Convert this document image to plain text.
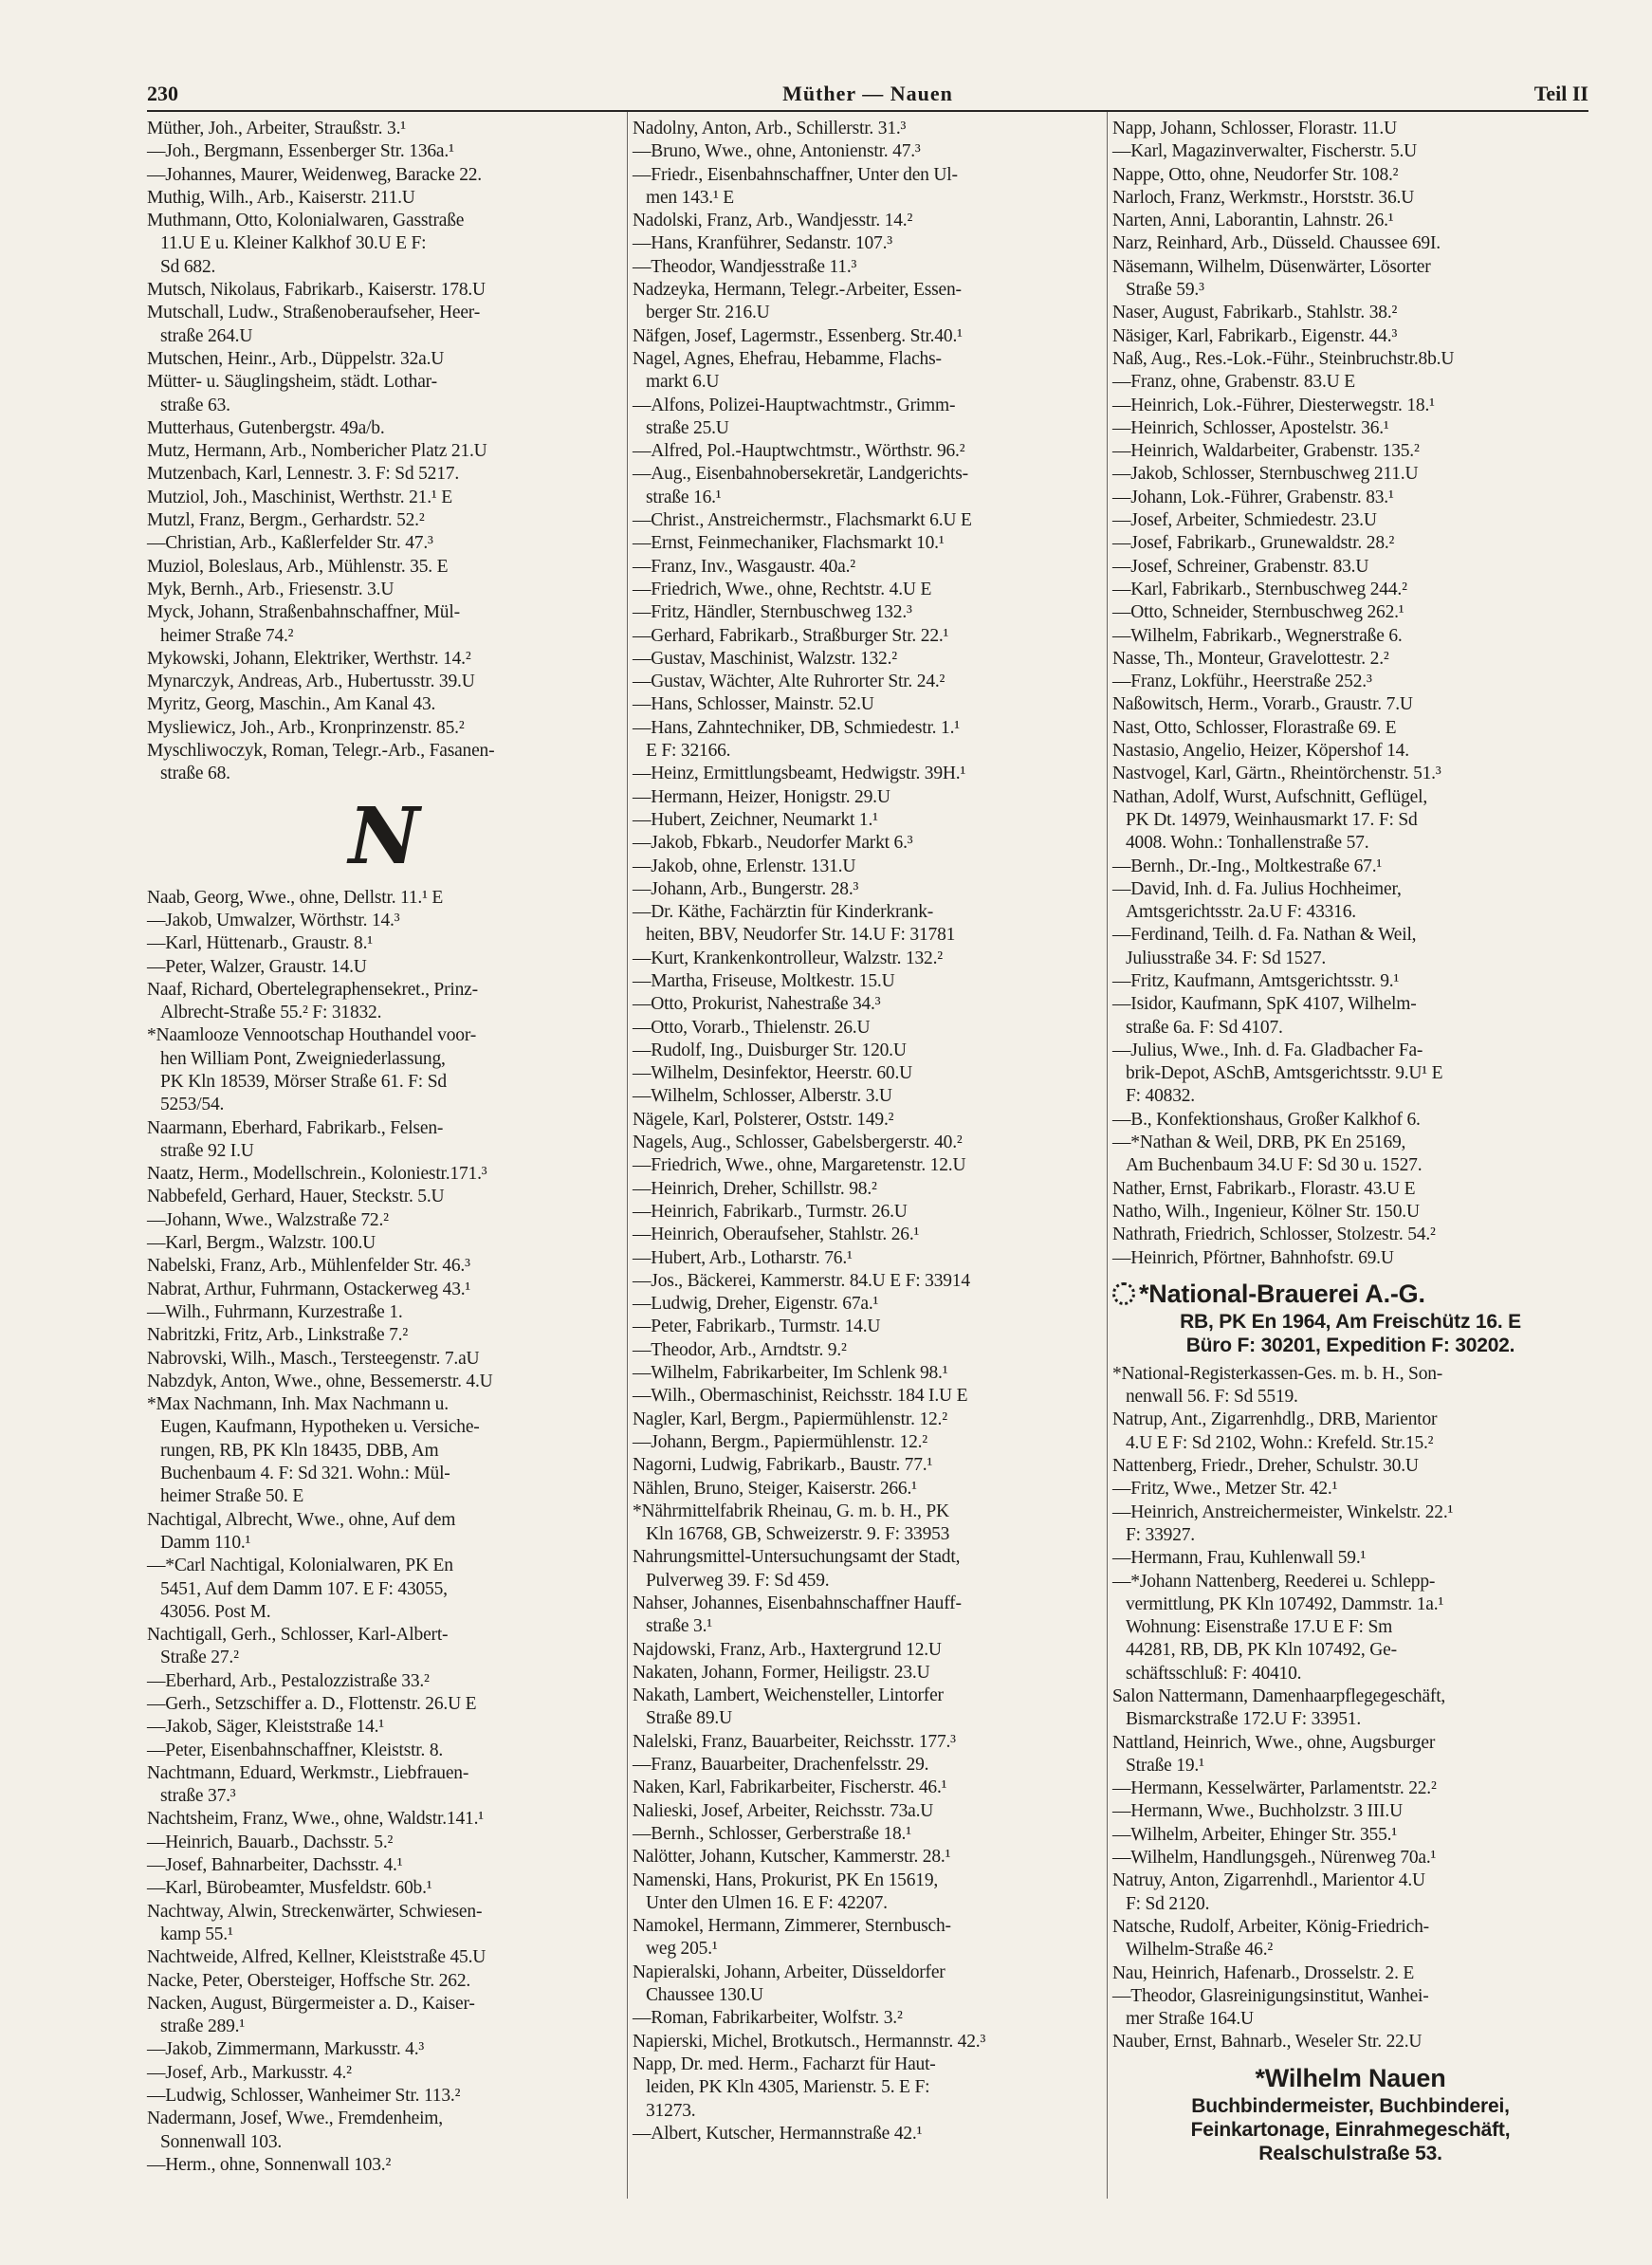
230	Müther — Nauen	Teil II
Müther, Joh., Arbeiter, Straußstr. 3.¹
—Joh., Bergmann, Essenberger Str. 136a.¹
—Johannes, Maurer, Weidenweg, Baracke 22.
Muthig, Wilh., Arb., Kaiserstr. 211.U
Muthmann, Otto, Kolonialwaren, Gasstraße
11.U E u. Kleiner Kalkhof 30.U E F:
Sd 682.
Mutsch, Nikolaus, Fabrikarb., Kaiserstr. 178.U
Mutschall, Ludw., Straßenoberaufseher, Heer-
straße 264.U
Mutschen, Heinr., Arb., Düppelstr. 32a.U
Mütter- u. Säuglingsheim, städt. Lothar-
straße 63.
Mutterhaus, Gutenbergstr. 49a/b.
Mutz, Hermann, Arb., Nombericher Platz 21.U
Mutzenbach, Karl, Lennestr. 3. F: Sd 5217.
Mutziol, Joh., Maschinist, Werthstr. 21.¹ E
Mutzl, Franz, Bergm., Gerhardstr. 52.²
—Christian, Arb., Kaßlerfelder Str. 47.³
Muziol, Boleslaus, Arb., Mühlenstr. 35. E
Myk, Bernh., Arb., Friesenstr. 3.U
Myck, Johann, Straßenbahnschaffner, Mül-
heimer Straße 74.²
Mykowski, Johann, Elektriker, Werthstr. 14.²
Mynarczyk, Andreas, Arb., Hubertusstr. 39.U
Myritz, Georg, Maschin., Am Kanal 43.
Mysliewicz, Joh., Arb., Kronprinzenstr. 85.²
Myschliwoczyk, Roman, Telegr.-Arb., Fasanen-
straße 68.
N
Naab, Georg, Wwe., ohne, Dellstr. 11.¹ E
—Jakob, Umwalzer, Wörthstr. 14.³
—Karl, Hüttenarb., Graustr. 8.¹
—Peter, Walzer, Graustr. 14.U
Naaf, Richard, Obertelegraphensekret., Prinz-
Albrecht-Straße 55.² F: 31832.
*Naamlooze Vennootschap Houthandel voor-
hen William Pont, Zweigniederlassung,
PK Kln 18539, Mörser Straße 61. F: Sd
5253/54.
Naarmann, Eberhard, Fabrikarb., Felsen-
straße 92 I.U
Naatz, Herm., Modellschrein., Koloniestr.171.³
Nabbefeld, Gerhard, Hauer, Steckstr. 5.U
—Johann, Wwe., Walzstraße 72.²
—Karl, Bergm., Walzstr. 100.U
Nabelski, Franz, Arb., Mühlenfelder Str. 46.³
Nabrat, Arthur, Fuhrmann, Ostackerweg 43.¹
—Wilh., Fuhrmann, Kurzestraße 1.
Nabritzki, Fritz, Arb., Linkstraße 7.²
Nabrovski, Wilh., Masch., Tersteegenstr. 7.aU
Nabzdyk, Anton, Wwe., ohne, Bessemerstr. 4.U
*Max Nachmann, Inh. Max Nachmann u.
Eugen, Kaufmann, Hypotheken u. Versiche-
rungen, RB, PK Kln 18435, DBB, Am
Buchenbaum 4. F: Sd 321. Wohn.: Mül-
heimer Straße 50. E
Nachtigal, Albrecht, Wwe., ohne, Auf dem
Damm 110.¹
—*Carl Nachtigal, Kolonialwaren, PK En
5451, Auf dem Damm 107. E F: 43055,
43056. Post M.
Nachtigall, Gerh., Schlosser, Karl-Albert-
Straße 27.²
—Eberhard, Arb., Pestalozzistraße 33.²
—Gerh., Setzschiffer a. D., Flottenstr. 26.U E
—Jakob, Säger, Kleiststraße 14.¹
—Peter, Eisenbahnschaffner, Kleiststr. 8.
Nachtmann, Eduard, Werkmstr., Liebfrauen-
straße 37.³
Nachtsheim, Franz, Wwe., ohne, Waldstr.141.¹
—Heinrich, Bauarb., Dachsstr. 5.²
—Josef, Bahnarbeiter, Dachsstr. 4.¹
—Karl, Bürobeamter, Musfeldstr. 60b.¹
Nachtway, Alwin, Streckenwärter, Schwiesen-
kamp 55.¹
Nachtweide, Alfred, Kellner, Kleiststraße 45.U
Nacke, Peter, Obersteiger, Hoffsche Str. 262.
Nacken, August, Bürgermeister a. D., Kaiser-
straße 289.¹
—Jakob, Zimmermann, Markusstr. 4.³
—Josef, Arb., Markusstr. 4.²
—Ludwig, Schlosser, Wanheimer Str. 113.²
Nadermann, Josef, Wwe., Fremdenheim,
Sonnenwall 103.
—Herm., ohne, Sonnenwall 103.²
Nadolny, Anton, Arb., Schillerstr. 31.³
—Bruno, Wwe., ohne, Antonienstr. 47.³
—Friedr., Eisenbahnschaffner, Unter den Ul-
men 143.¹ E
Nadolski, Franz, Arb., Wandjesstr. 14.²
—Hans, Kranführer, Sedanstr. 107.³
—Theodor, Wandjesstraße 11.³
Nadzeyka, Hermann, Telegr.-Arbeiter, Essen-
berger Str. 216.U
Näfgen, Josef, Lagermstr., Essenberg. Str.40.¹
Nagel, Agnes, Ehefrau, Hebamme, Flachs-
markt 6.U
—Alfons, Polizei-Hauptwachtmstr., Grimm-
straße 25.U
—Alfred, Pol.-Hauptwchtmstr., Wörthstr. 96.²
—Aug., Eisenbahnobersekretär, Landgerichts-
straße 16.¹
—Christ., Anstreichermstr., Flachsmarkt 6.U E
—Ernst, Feinmechaniker, Flachsmarkt 10.¹
—Franz, Inv., Wasgaustr. 40a.²
—Friedrich, Wwe., ohne, Rechtstr. 4.U E
—Fritz, Händler, Sternbuschweg 132.³
—Gerhard, Fabrikarb., Straßburger Str. 22.¹
—Gustav, Maschinist, Walzstr. 132.²
—Gustav, Wächter, Alte Ruhrorter Str. 24.²
—Hans, Schlosser, Mainstr. 52.U
—Hans, Zahntechniker, DB, Schmiedestr. 1.¹
E F: 32166.
—Heinz, Ermittlungsbeamt, Hedwigstr. 39H.¹
—Hermann, Heizer, Honigstr. 29.U
—Hubert, Zeichner, Neumarkt 1.¹
—Jakob, Fbkarb., Neudorfer Markt 6.³
—Jakob, ohne, Erlenstr. 131.U
—Johann, Arb., Bungerstr. 28.³
—Dr. Käthe, Fachärztin für Kinderkrank-
heiten, BBV, Neudorfer Str. 14.U F: 31781
—Kurt, Krankenkontrolleur, Walzstr. 132.²
—Martha, Friseuse, Moltkestr. 15.U
—Otto, Prokurist, Nahestraße 34.³
—Otto, Vorarb., Thielenstr. 26.U
—Rudolf, Ing., Duisburger Str. 120.U
—Wilhelm, Desinfektor, Heerstr. 60.U
—Wilhelm, Schlosser, Alberstr. 3.U
Nägele, Karl, Polsterer, Oststr. 149.²
Nagels, Aug., Schlosser, Gabelsbergerstr. 40.²
—Friedrich, Wwe., ohne, Margaretenstr. 12.U
—Heinrich, Dreher, Schillstr. 98.²
—Heinrich, Fabrikarb., Turmstr. 26.U
—Heinrich, Oberaufseher, Stahlstr. 26.¹
—Hubert, Arb., Lotharstr. 76.¹
—Jos., Bäckerei, Kammerstr. 84.U E F: 33914
—Ludwig, Dreher, Eigenstr. 67a.¹
—Peter, Fabrikarb., Turmstr. 14.U
—Theodor, Arb., Arndtstr. 9.²
—Wilhelm, Fabrikarbeiter, Im Schlenk 98.¹
—Wilh., Obermaschinist, Reichsstr. 184 I.U E
Nagler, Karl, Bergm., Papiermühlenstr. 12.²
—Johann, Bergm., Papiermühlenstr. 12.²
Nagorni, Ludwig, Fabrikarb., Baustr. 77.¹
Nählen, Bruno, Steiger, Kaiserstr. 266.¹
*Nährmittelfabrik Rheinau, G. m. b. H., PK
Kln 16768, GB, Schweizerstr. 9. F: 33953
Nahrungsmittel-Untersuchungsamt der Stadt,
Pulverweg 39. F: Sd 459.
Nahser, Johannes, Eisenbahnschaffner Hauff-
straße 3.¹
Najdowski, Franz, Arb., Haxtergrund 12.U
Nakaten, Johann, Former, Heiligstr. 23.U
Nakath, Lambert, Weichensteller, Lintorfer
Straße 89.U
Nalelski, Franz, Bauarbeiter, Reichsstr. 177.³
—Franz, Bauarbeiter, Drachenfelsstr. 29.
Naken, Karl, Fabrikarbeiter, Fischerstr. 46.¹
Nalieski, Josef, Arbeiter, Reichsstr. 73a.U
—Bernh., Schlosser, Gerberstraße 18.¹
Nalötter, Johann, Kutscher, Kammerstr. 28.¹
Namenski, Hans, Prokurist, PK En 15619,
Unter den Ulmen 16. E F: 42207.
Namokel, Hermann, Zimmerer, Sternbusch-
weg 205.¹
Napieralski, Johann, Arbeiter, Düsseldorfer
Chaussee 130.U
—Roman, Fabrikarbeiter, Wolfstr. 3.²
Napierski, Michel, Brotkutsch., Hermannstr. 42.³
Napp, Dr. med. Herm., Facharzt für Haut-
leiden, PK Kln 4305, Marienstr. 5. E F:
31273.
—Albert, Kutscher, Hermannstraße 42.¹
Napp, Johann, Schlosser, Florastr. 11.U
—Karl, Magazinverwalter, Fischerstr. 5.U
Nappe, Otto, ohne, Neudorfer Str. 108.²
Narloch, Franz, Werkmstr., Horststr. 36.U
Narten, Anni, Laborantin, Lahnstr. 26.¹
Narz, Reinhard, Arb., Düsseld. Chaussee 69I.
Näsemann, Wilhelm, Düsenwärter, Lösorter
Straße 59.³
Naser, August, Fabrikarb., Stahlstr. 38.²
Näsiger, Karl, Fabrikarb., Eigenstr. 44.³
Naß, Aug., Res.-Lok.-Führ., Steinbruchstr.8b.U
—Franz, ohne, Grabenstr. 83.U E
—Heinrich, Lok.-Führer, Diesterwegstr. 18.¹
—Heinrich, Schlosser, Apostelstr. 36.¹
—Heinrich, Waldarbeiter, Grabenstr. 135.²
—Jakob, Schlosser, Sternbuschweg 211.U
—Johann, Lok.-Führer, Grabenstr. 83.¹
—Josef, Arbeiter, Schmiedestr. 23.U
—Josef, Fabrikarb., Grunewaldstr. 28.²
—Josef, Schreiner, Grabenstr. 83.U
—Karl, Fabrikarb., Sternbuschweg 244.²
—Otto, Schneider, Sternbuschweg 262.¹
—Wilhelm, Fabrikarb., Wegnerstraße 6.
Nasse, Th., Monteur, Gravelottestr. 2.²
—Franz, Lokführ., Heerstraße 252.³
Naßowitsch, Herm., Vorarb., Graustr. 7.U
Nast, Otto, Schlosser, Florastraße 69. E
Nastasio, Angelio, Heizer, Köpershof 14.
Nastvogel, Karl, Gärtn., Rheintörchenstr. 51.³
Nathan, Adolf, Wurst, Aufschnitt, Geflügel,
PK Dt. 14979, Weinhausmarkt 17. F: Sd
4008. Wohn.: Tonhallenstraße 57.
—Bernh., Dr.-Ing., Moltkestraße 67.¹
—David, Inh. d. Fa. Julius Hochheimer,
Amtsgerichtsstr. 2a.U F: 43316.
—Ferdinand, Teilh. d. Fa. Nathan & Weil,
Juliusstraße 34. F: Sd 1527.
—Fritz, Kaufmann, Amtsgerichtsstr. 9.¹
—Isidor, Kaufmann, SpK 4107, Wilhelm-
straße 6a. F: Sd 4107.
—Julius, Wwe., Inh. d. Fa. Gladbacher Fa-
brik-Depot, ASchB, Amtsgerichtsstr. 9.U¹ E
F: 40832.
—B., Konfektionshaus, Großer Kalkhof 6.
—*Nathan & Weil, DRB, PK En 25169,
Am Buchenbaum 34.U F: Sd 30 u. 1527.
Nather, Ernst, Fabrikarb., Florastr. 43.U E
Natho, Wilh., Ingenieur, Kölner Str. 150.U
Nathrath, Friedrich, Schlosser, Stolzestr. 54.²
—Heinrich, Pförtner, Bahnhofstr. 69.U
*National-Brauerei A.-G.
RB, PK En 1964, Am Freischütz 16. E
Büro F: 30201, Expedition F: 30202.
*National-Registerkassen-Ges. m. b. H., Son-
nenwall 56. F: Sd 5519.
Natrup, Ant., Zigarrenhdlg., DRB, Marientor
4.U E F: Sd 2102, Wohn.: Krefeld. Str.15.²
Nattenberg, Friedr., Dreher, Schulstr. 30.U
—Fritz, Wwe., Metzer Str. 42.¹
—Heinrich, Anstreichermeister, Winkelstr. 22.¹
F: 33927.
—Hermann, Frau, Kuhlenwall 59.¹
—*Johann Nattenberg, Reederei u. Schlepp-
vermittlung, PK Kln 107492, Dammstr. 1a.¹
Wohnung: Eisenstraße 17.U E F: Sm
44281, RB, DB, PK Kln 107492, Ge-
schäftsschluß: F: 40410.
Salon Nattermann, Damenhaarpflegegeschäft,
Bismarckstraße 172.U F: 33951.
Nattland, Heinrich, Wwe., ohne, Augsburger
Straße 19.¹
—Hermann, Kesselwärter, Parlamentstr. 22.²
—Hermann, Wwe., Buchholzstr. 3 III.U
—Wilhelm, Arbeiter, Ehinger Str. 355.¹
—Wilhelm, Handlungsgeh., Nürenweg 70a.¹
Natruy, Anton, Zigarrenhdl., Marientor 4.U
F: Sd 2120.
Natsche, Rudolf, Arbeiter, König-Friedrich-
Wilhelm-Straße 46.²
Nau, Heinrich, Hafenarb., Drosselstr. 2. E
—Theodor, Glasreinigungsinstitut, Wanhei-
mer Straße 164.U
Nauber, Ernst, Bahnarb., Weseler Str. 22.U
*Wilhelm Nauen
Buchbindermeister, Buchbinderei,
Feinkartonage, Einrahmegeschäft,
Realschulstraße 53.
